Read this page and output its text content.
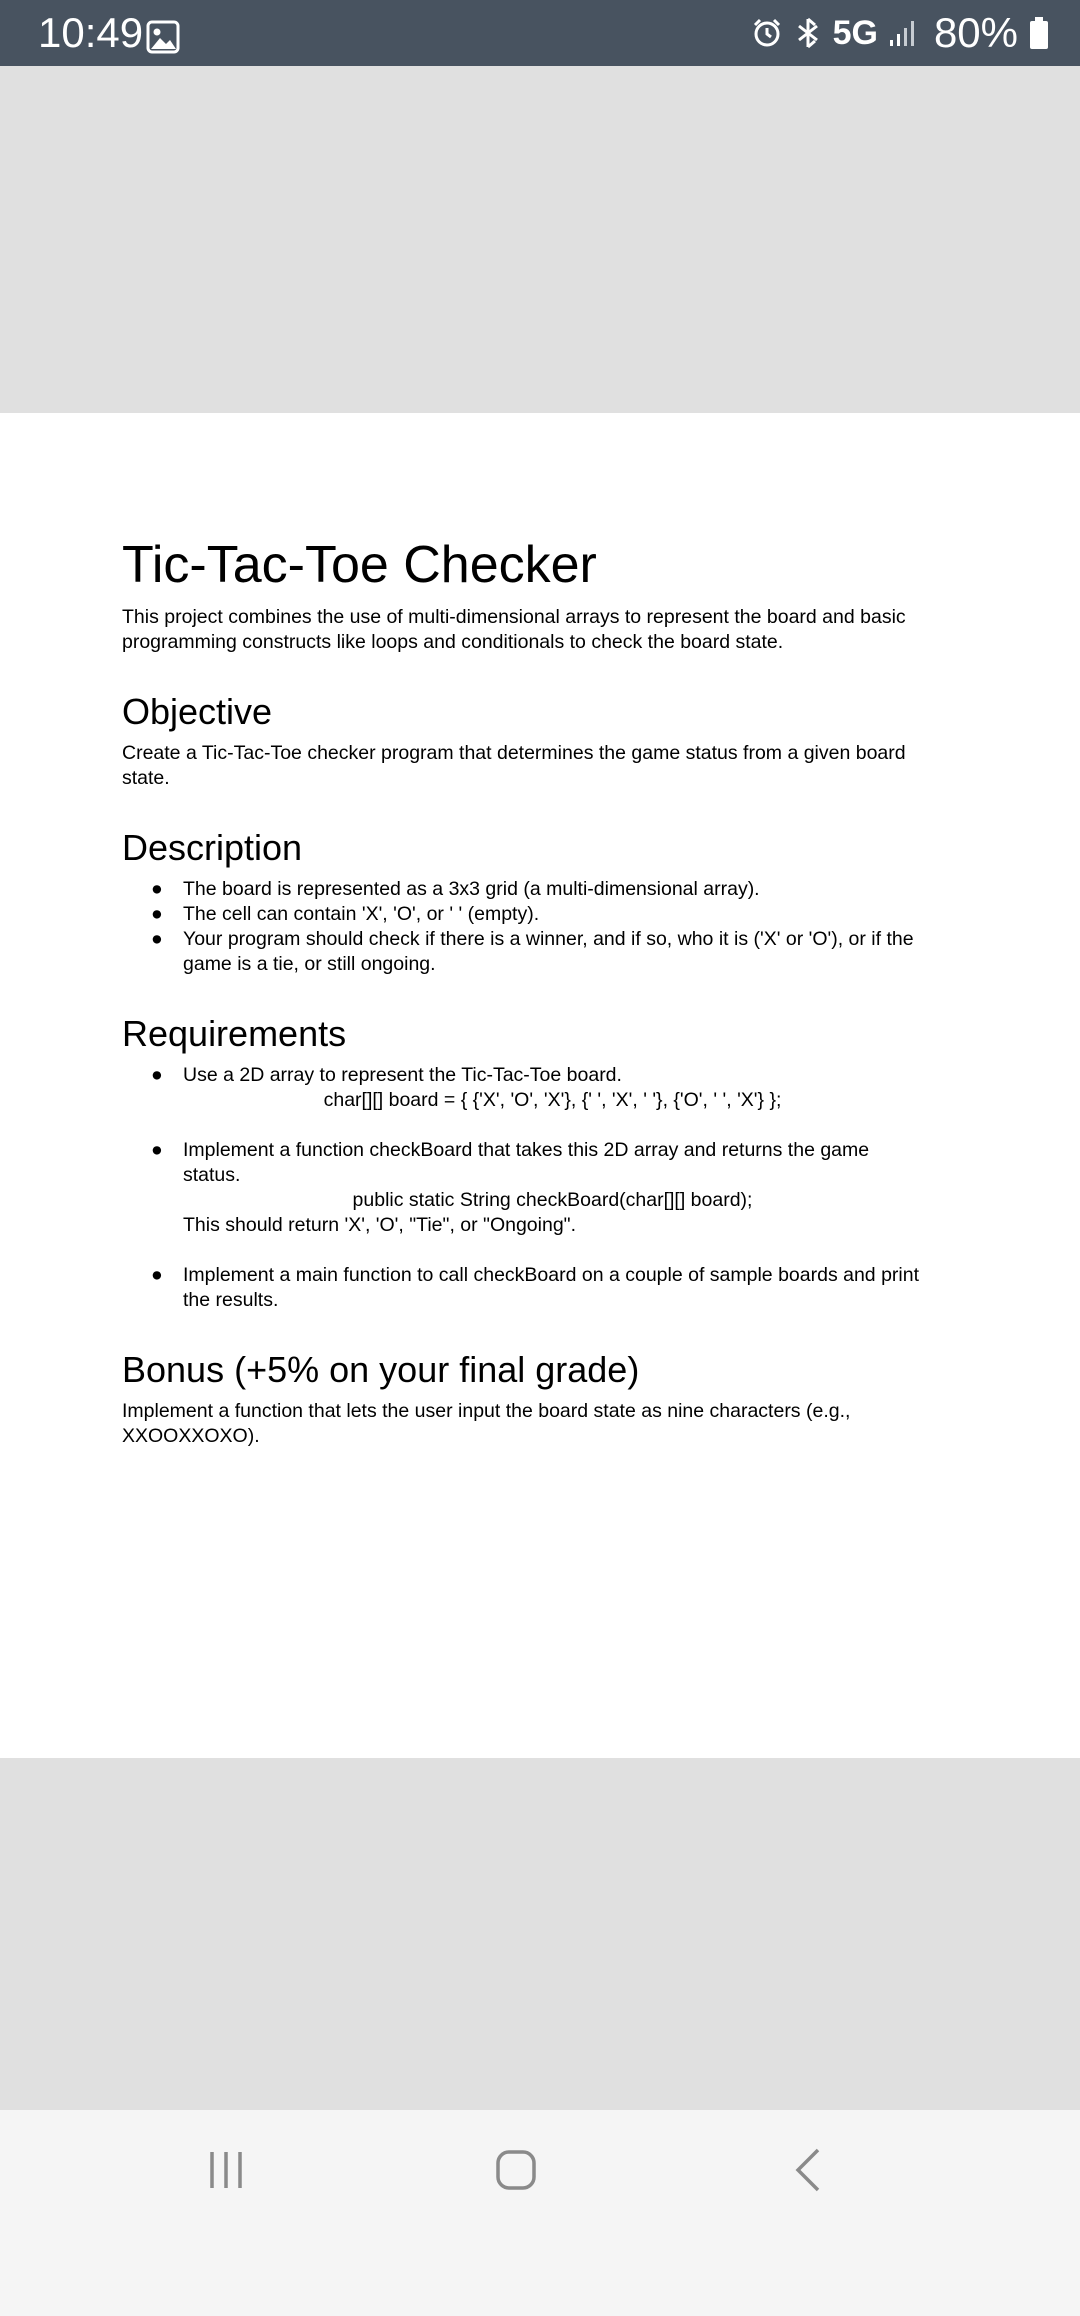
10:49	5G 80%
Tic-Tac-Toe Checker

This project combines the use of multi-dimensional arrays to represent the board and basic programming constructs like loops and conditionals to check the board state.

Objective

Create a Tic-Tac-Toe checker program that determines the game status from a given board state.

Description
● The board is represented as a 3x3 grid (a multi-dimensional array).
● The cell can contain 'X', 'O', or ' ' (empty).
● Your program should check if there is a winner, and if so, who it is ('X' or 'O'), or if the game is a tie, or still ongoing.
Requirements
● Use a 2D array to represent the Tic-Tac-Toe board.
char[][] board = { {'X', 'O', 'X'}, {' ', 'X', ' '}, {'O', ' ', 'X'} };
● Implement a function checkBoard that takes this 2D array and returns the game status.
public static String checkBoard(char[][] board);
This should return 'X', 'O', "Tie", or "Ongoing".
● Implement a main function to call checkBoard on a couple of sample boards and print the results.
Bonus (+5% on your final grade)

Implement a function that lets the user input the board state as nine characters (e.g., XXOOXXOXO).
